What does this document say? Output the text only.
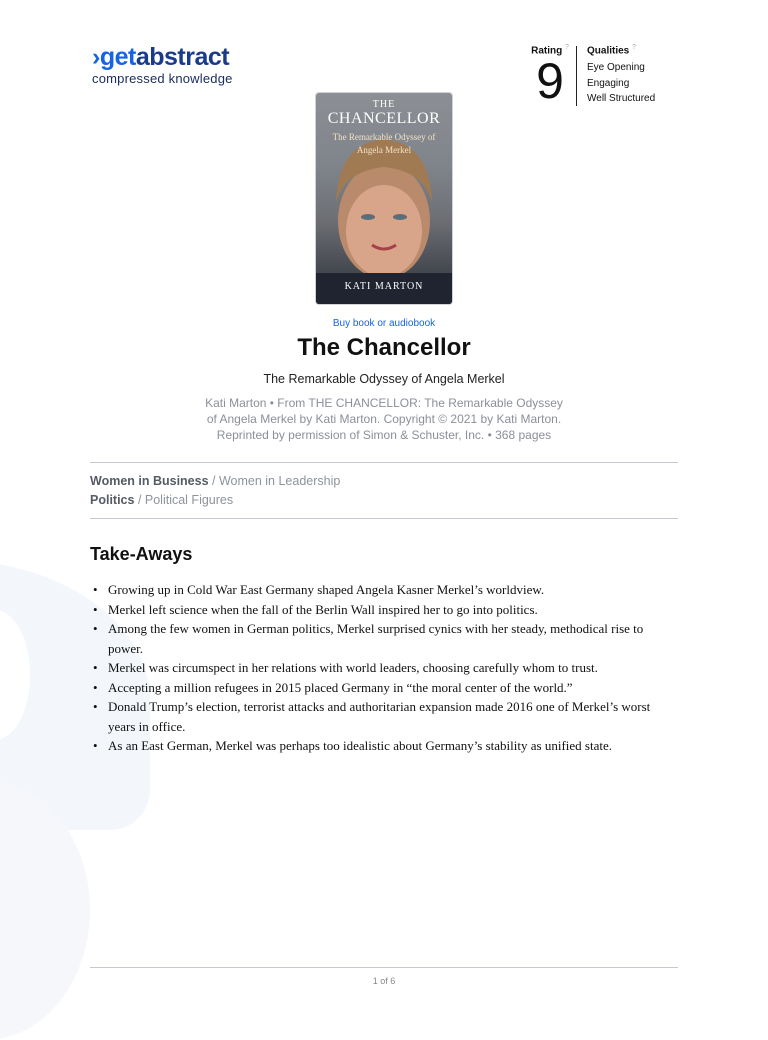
›getabstract
compressed knowledge
Rating ?
9
Qualities ?
Eye Opening
Engaging
Well Structured
THE
CHANCELLOR
The Remarkable Odyssey of
Angela Merkel
KATI MARTON
Buy book or audiobook
The Chancellor
The Remarkable Odyssey of Angela Merkel
Kati Marton • From THE CHANCELLOR: The Remarkable Odyssey
of Angela Merkel by Kati Marton. Copyright © 2021 by Kati Marton.
Reprinted by permission of Simon & Schuster, Inc. • 368 pages
Women in Business / Women in Leadership
Politics / Political Figures
Take-Aways
• Growing up in Cold War East Germany shaped Angela Kasner Merkel’s worldview.
• Merkel left science when the fall of the Berlin Wall inspired her to go into politics.
• Among the few women in German politics, Merkel surprised cynics with her steady, methodical rise to power.
• Merkel was circumspect in her relations with world leaders, choosing carefully whom to trust.
• Accepting a million refugees in 2015 placed Germany in “the moral center of the world.”
• Donald Trump’s election, terrorist attacks and authoritarian expansion made 2016 one of Merkel’s worst years in office.
• As an East German, Merkel was perhaps too idealistic about Germany’s stability as unified state.
1 of 6
